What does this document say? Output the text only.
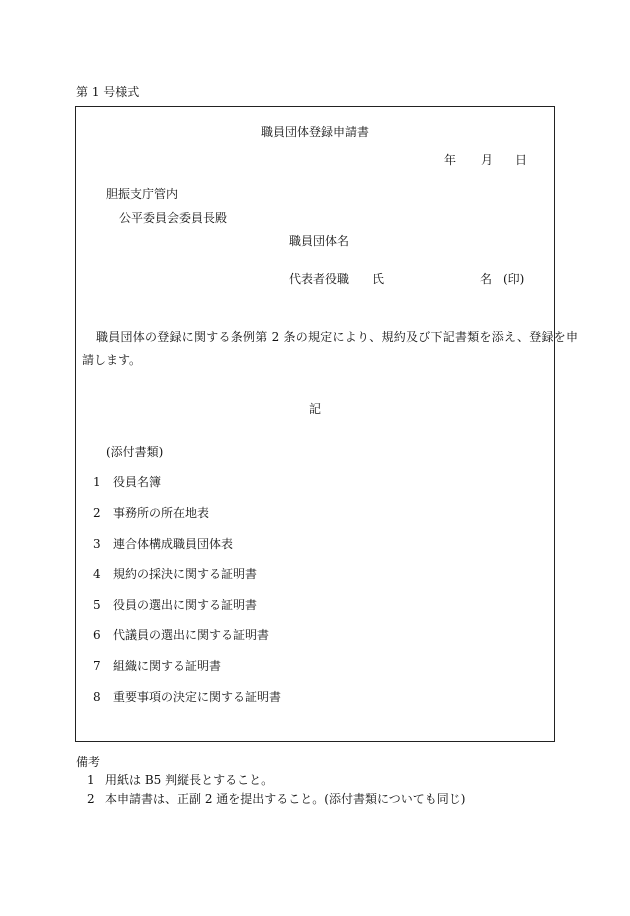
第 1 号様式
職員団体登録申請書
年 月 日
胆振支庁管内
公平委員会委員長殿
職員団体名
代表者役職 氏	名 (印)
職員団体の登録に関する条例第 2 条の規定により、規約及び下記書類を添え、登録を申
請します。
記
(添付書類)
1 役員名簿
2 事務所の所在地表
3 連合体構成職員団体表
4 規約の採決に関する証明書
5 役員の選出に関する証明書
6 代議員の選出に関する証明書
7 組織に関する証明書
8 重要事項の決定に関する証明書
備考
1 用紙は B5 判縦長とすること。
2 本申請書は、正副 2 通を提出すること。(添付書類についても同じ)
